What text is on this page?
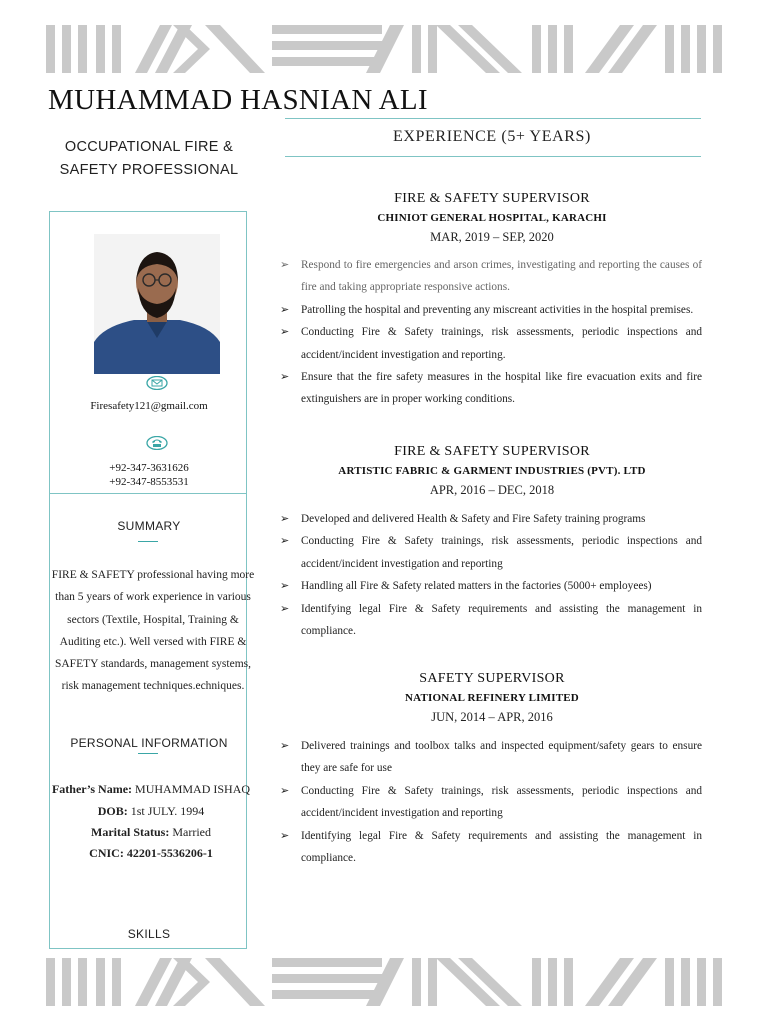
MUHAMMAD HASNIAN ALI
OCCUPATIONAL FIRE &
SAFETY PROFESSIONAL
EXPERIENCE (5+ YEARS)
Firesafety121@gmail.com
+92-347-3631626
+92-347-8553531
SUMMARY
FIRE & SAFETY professional having more than 5 years of work experience in various sectors (Textile, Hospital, Training & Auditing etc.). Well versed with FIRE & SAFETY standards, management systems, risk management techniques.echniques.
PERSONAL INFORMATION
Father’s Name: MUHAMMAD ISHAQ
DOB: 1st JULY. 1994
Marital Status: Married
CNIC: 42201-5536206-1
SKILLS
FIRE & SAFETY SUPERVISOR
CHINIOT GENERAL HOSPITAL, KARACHI
MAR, 2019 – SEP, 2020
➢ Respond to fire emergencies and arson crimes, investigating and reporting the causes of fire and taking appropriate responsive actions.
➢ Patrolling the hospital and preventing any miscreant activities in the hospital premises.
➢ Conducting Fire & Safety trainings, risk assessments, periodic inspections and accident/incident investigation and reporting.
➢ Ensure that the fire safety measures in the hospital like fire evacuation exits and fire extinguishers are in proper working conditions.
FIRE & SAFETY SUPERVISOR
ARTISTIC FABRIC & GARMENT INDUSTRIES (PVT). LTD
APR, 2016 – DEC, 2018
➢ Developed and delivered Health & Safety and Fire Safety training programs
➢ Conducting Fire & Safety trainings, risk assessments, periodic inspections and accident/incident investigation and reporting
➢ Handling all Fire & Safety related matters in the factories (5000+ employees)
➢ Identifying legal Fire & Safety requirements and assisting the management in compliance.
SAFETY SUPERVISOR
NATIONAL REFINERY LIMITED
JUN, 2014 – APR, 2016
➢ Delivered trainings and toolbox talks and inspected equipment/safety gears to ensure they are safe for use
➢ Conducting Fire & Safety trainings, risk assessments, periodic inspections and accident/incident investigation and reporting
➢ Identifying legal Fire & Safety requirements and assisting the management in compliance.
